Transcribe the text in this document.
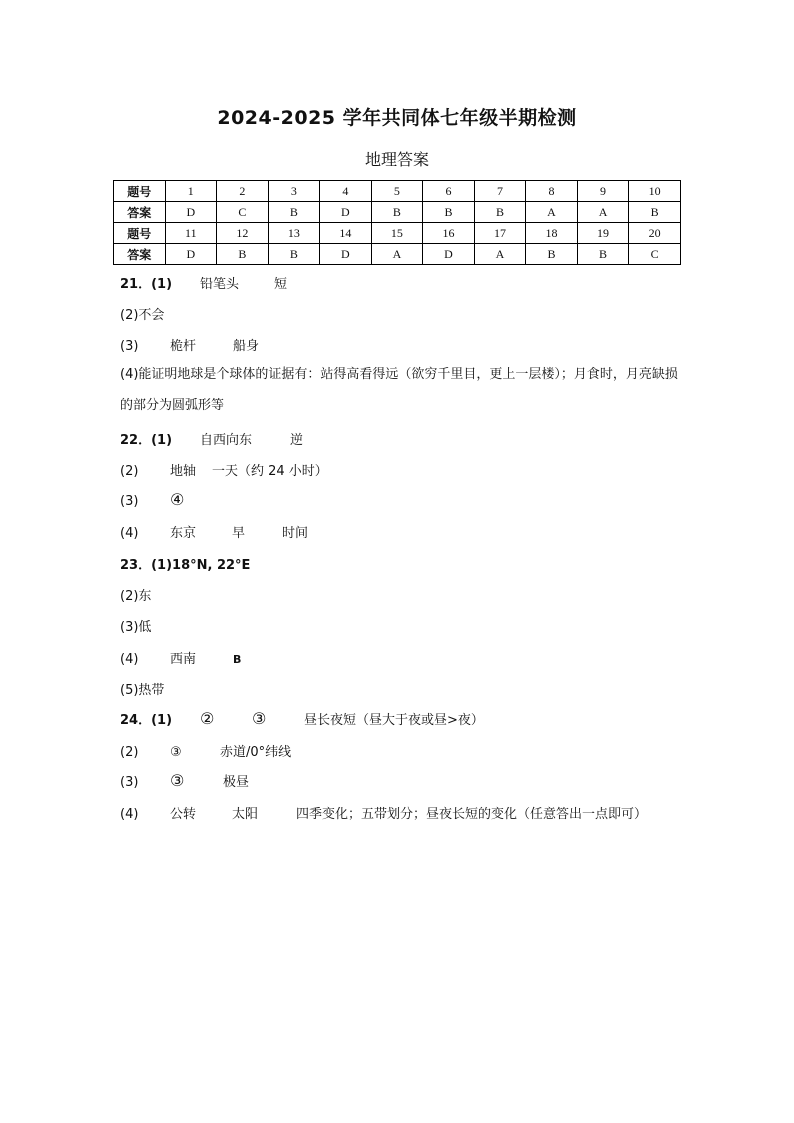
2024-2025 学年共同体七年级半期检测
地理答案
题号	1	2	3	4	5	6	7	8	9	10
答案	D	C	B	D	B	B	B	A	A	B
题号	11	12	13	14	15	16	17	18	19	20
答案	D	B	B	D	A	D	A	B	B	C
21．(1) 铅笔头	短
(2)不会
(3) 桅杆	船身
(4)能证明地球是个球体的证据有：站得高看得远（欲穷千里目，更上一层楼）；月食时，月亮缺损的部分为圆弧形等
22．(1) 自西向东	逆
(2) 地轴 一天（约 24 小时）
(3) ④
(4) 东京	早	时间
23．(1)18°N, 22°E
(2)东
(3)低
(4) 西南	B
(5)热带
24．(1) ② ③	昼长夜短（昼大于夜或昼>夜）
(2) ③	赤道/0°纬线
(3) ③	极昼
(4) 公转	太阳	四季变化；五带划分；昼夜长短的变化（任意答出一点即可）
